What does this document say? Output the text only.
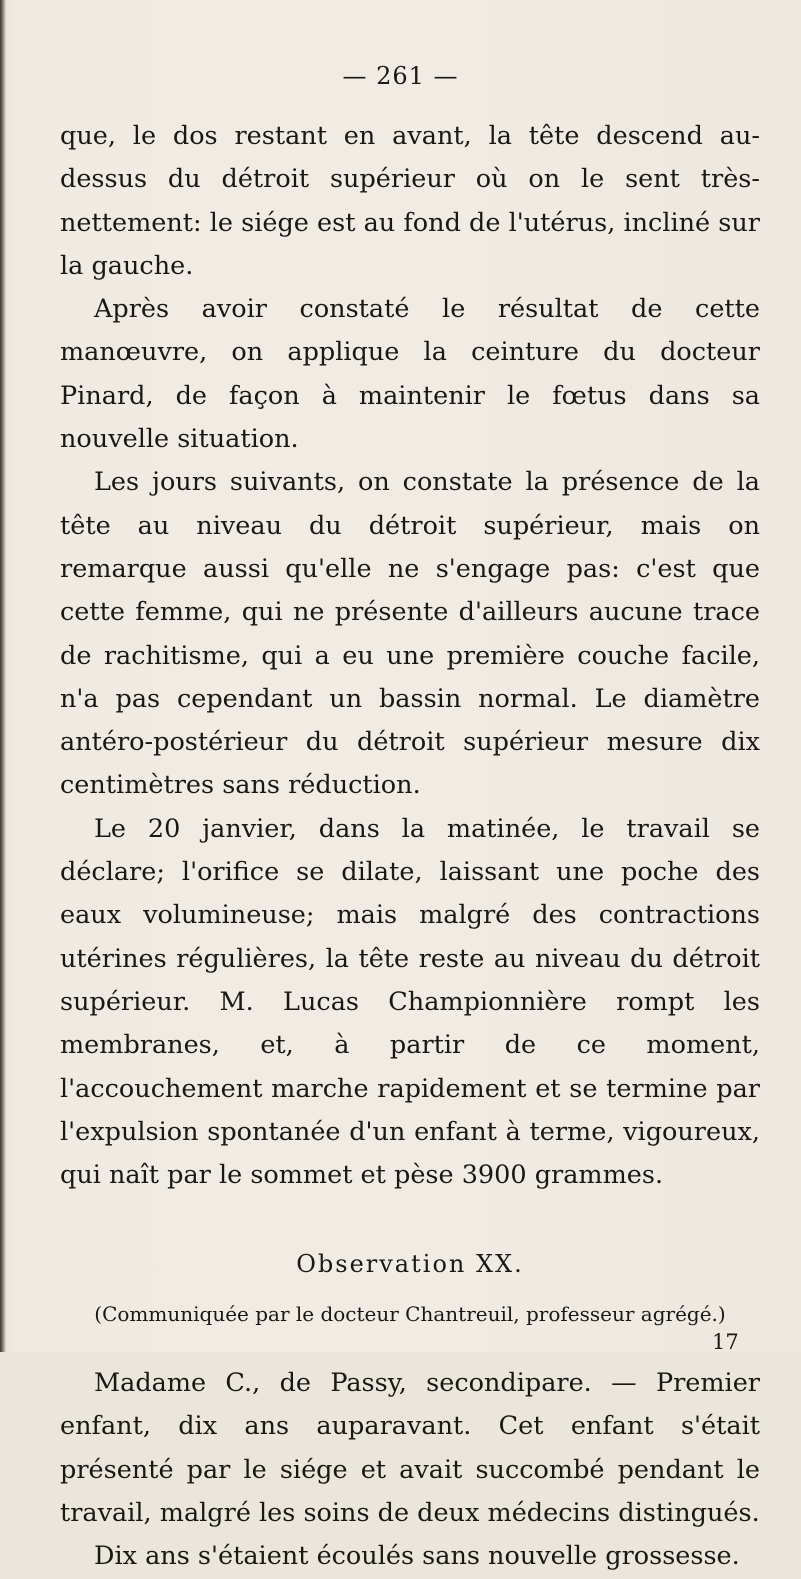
— 261 —

que, le dos restant en avant, la tête descend au-dessus du détroit supérieur où on le sent très-nettement: le siége est au fond de l'utérus, incliné sur la gauche.

Après avoir constaté le résultat de cette manœuvre, on applique la ceinture du docteur Pinard, de façon à maintenir le fœtus dans sa nouvelle situation.

Les jours suivants, on constate la présence de la tête au niveau du détroit supérieur, mais on remarque aussi qu'elle ne s'engage pas: c'est que cette femme, qui ne présente d'ailleurs aucune trace de rachitisme, qui a eu une première couche facile, n'a pas cependant un bassin normal. Le diamètre antéro-postérieur du détroit supérieur mesure dix centimètres sans réduction.

Le 20 janvier, dans la matinée, le travail se déclare; l'orifice se dilate, laissant une poche des eaux volumineuse; mais malgré des contractions utérines régulières, la tête reste au niveau du détroit supérieur. M. Lucas Championnière rompt les membranes, et, à partir de ce moment, l'accouchement marche rapidement et se termine par l'expulsion spontanée d'un enfant à terme, vigoureux, qui naît par le sommet et pèse 3900 grammes.

Observation XX.

(Communiquée par le docteur Chantreuil, professeur agrégé.)

Madame C., de Passy, secondipare. — Premier enfant, dix ans auparavant. Cet enfant s'était présenté par le siége et avait succombé pendant le travail, malgré les soins de deux médecins distingués.

Dix ans s'étaient écoulés sans nouvelle grossesse.

17
